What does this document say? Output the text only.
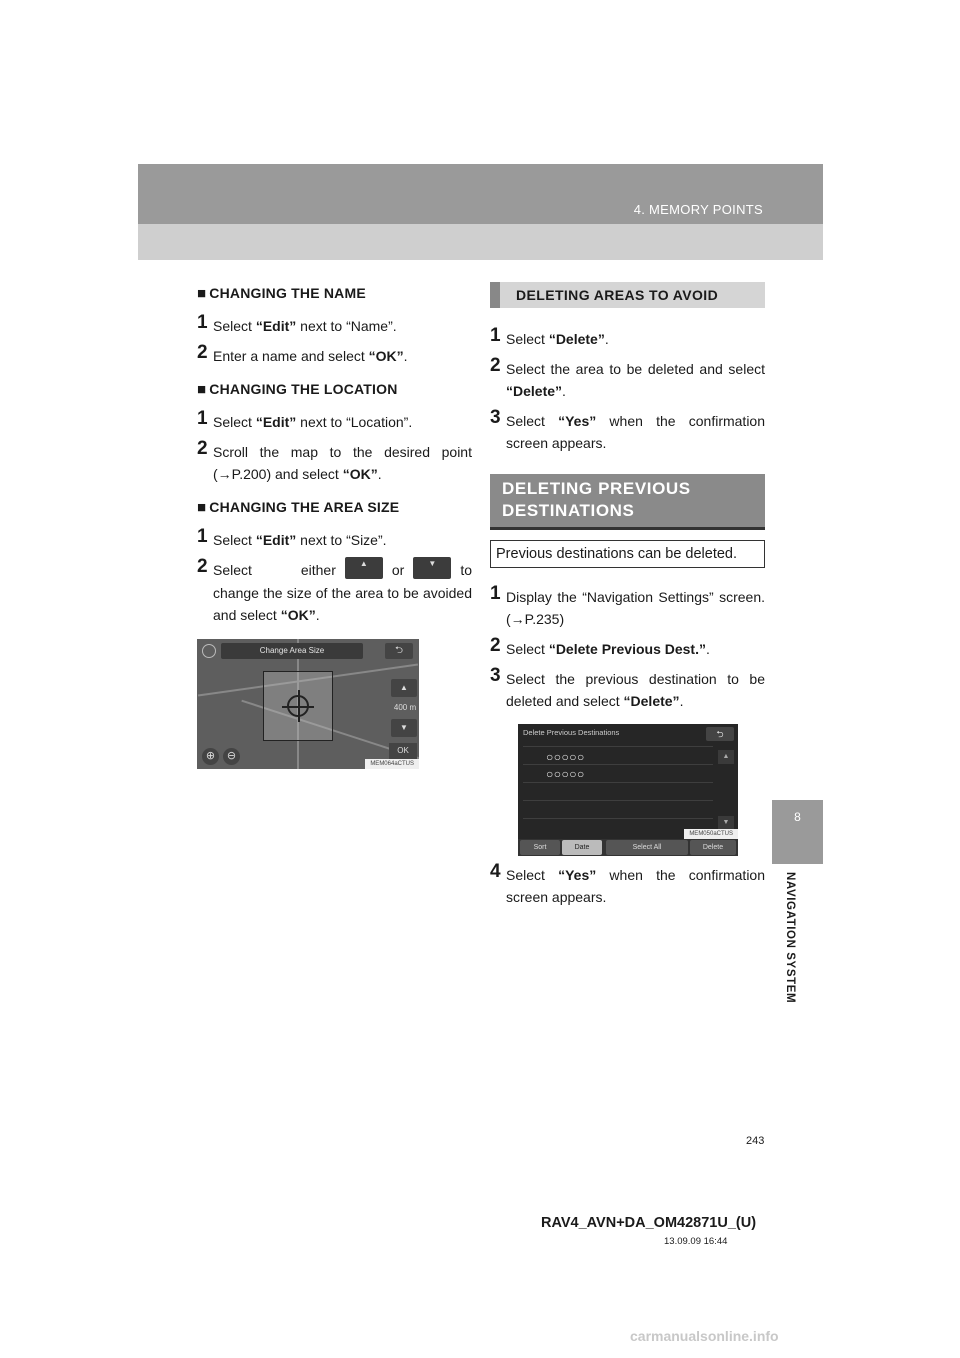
4. MEMORY POINTS
8
NAVIGATION SYSTEM
■ CHANGING THE NAME
1 Select “Edit” next to “Name”.
2 Enter a name and select “OK”.
■ CHANGING THE LOCATION
1 Select “Edit” next to “Location”.
2 Scroll the map to the desired point (→P.200) and select “OK”.
■ CHANGING THE AREA SIZE
1 Select “Edit” next to “Size”.
2 Select either	▲ or	▼ to change the size of the area to be avoided and select “OK”.
Change Area Size	⮌
▲
400 m
▼
⊕	⊖	OK
MEM064aCTUS
DELETING AREAS TO AVOID
1 Select “Delete”.
2 Select the area to be deleted and select “Delete”.
3 Select “Yes” when the confirmation screen appears.
DELETING PREVIOUS DESTINATIONS
Previous destinations can be deleted.
1 Display the “Navigation Settings” screen. (→P.235)
2 Select “Delete Previous Dest.”.
3 Select the previous destination to be deleted and select “Delete”.
Delete Previous Destinations	⮌
○○○○○
○○○○○
▲
▼
Sort	Date	Select All	Delete
MEM050aCTUS
4 Select “Yes” when the confirmation screen appears.
243
RAV4_AVN+DA_OM42871U_(U)
13.09.09 16:44
carmanualsonline.info
